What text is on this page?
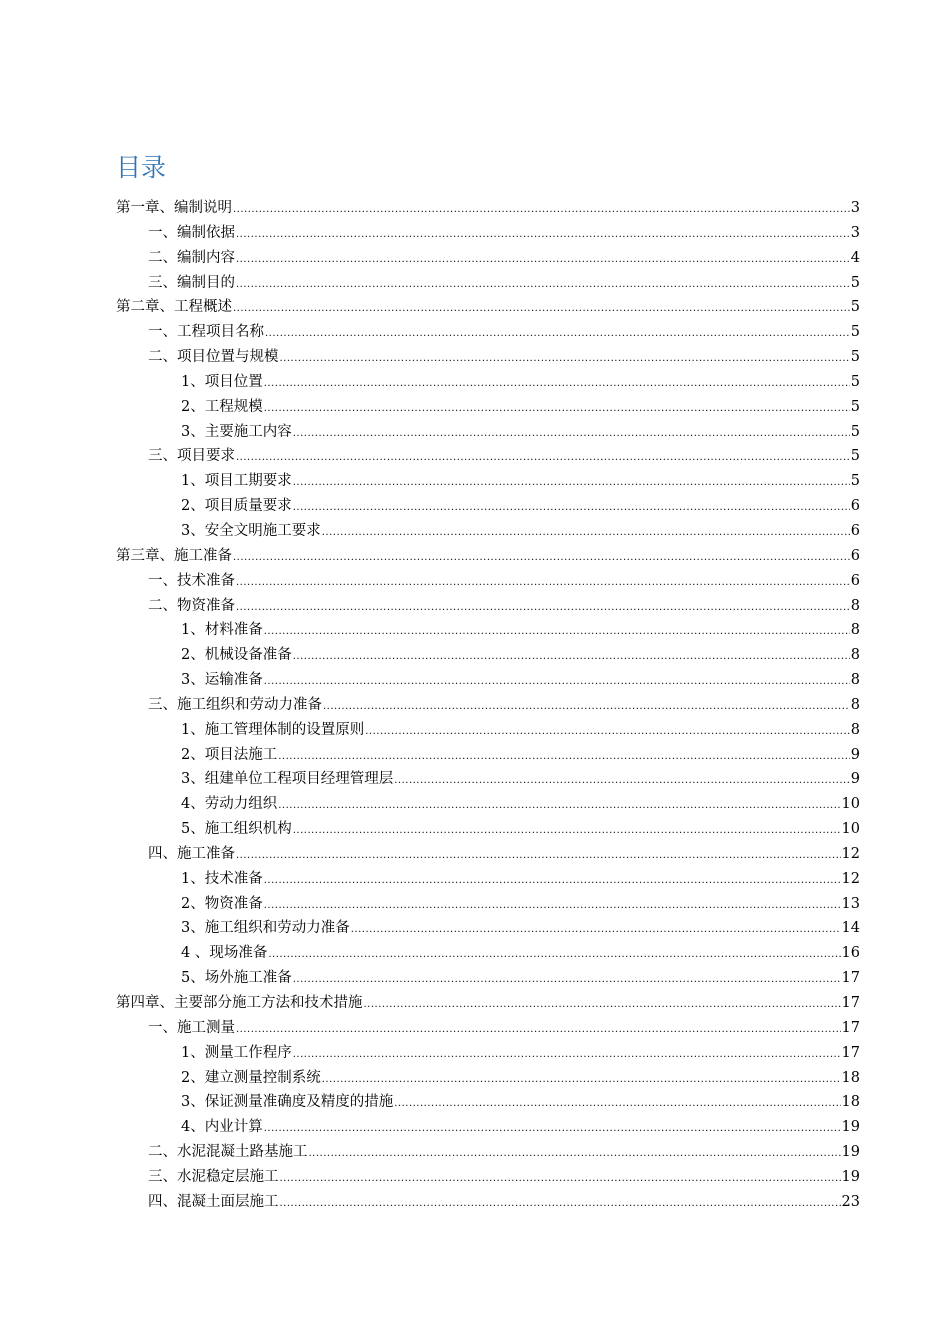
目录
第一章、编制说明 .....	3
一、编制依据 .....	3
二、编制内容 .....	4
三、编制目的 .....	5
第二章、工程概述 .....	5
一、工程项目名称 .....	5
二、项目位置与规模 .....	5
1、项目位置 .....	5
2、工程规模 .....	5
3、主要施工内容 .....	5
三、项目要求 .....	5
1、项目工期要求 .....	5
2、项目质量要求 .....	6
3、安全文明施工要求 .....	6
第三章、施工准备 .....	6
一、技术准备 .....	6
二、物资准备 .....	8
1、材料准备 .....	8
2、机械设备准备 .....	8
3、运输准备 .....	8
三、施工组织和劳动力准备 .....	8
1、施工管理体制的设置原则 .....	8
2、项目法施工 .....	9
3、组建单位工程项目经理管理层 .....	9
4、劳动力组织 .....	10
5、施工组织机构 .....	10
四、施工准备 .....	12
1、技术准备 .....	12
2、物资准备 .....	13
3、施工组织和劳动力准备 .....	14
4 、现场准备 .....	16
5、场外施工准备 .....	17
第四章、主要部分施工方法和技术措施 .....	17
一、施工测量 .....	17
1、测量工作程序 .....	17
2、建立测量控制系统 .....	18
3、保证测量准确度及精度的措施 .....	18
4、内业计算 .....	19
二、水泥混凝土路基施工 .....	19
三、水泥稳定层施工 .....	19
四、混凝土面层施工 .....	23
